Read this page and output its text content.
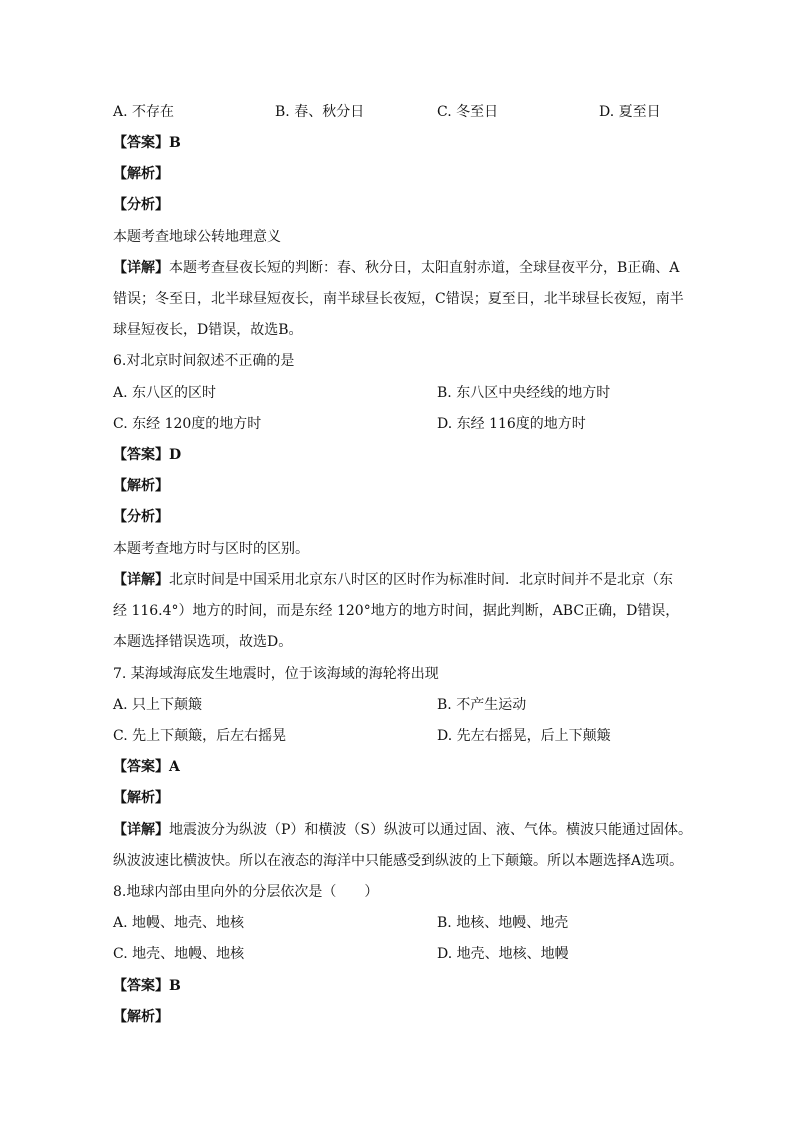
A. 不存在	B. 春、秋分日	C. 冬至日	D. 夏至日
【答案】B
【解析】
【分析】
本题考查地球公转地理意义
【详解】本题考查昼夜长短的判断：春、秋分日，太阳直射赤道，全球昼夜平分，B正确、A
错误；冬至日，北半球昼短夜长，南半球昼长夜短，C错误；夏至日，北半球昼长夜短，南半
球昼短夜长，D错误，故选B。
6.对北京时间叙述不正确的是
A. 东八区的区时	B. 东八区中央经线的地方时
C. 东经 120度的地方时	D. 东经 116度的地方时
【答案】D
【解析】
【分析】
本题考查地方时与区时的区别。
【详解】北京时间是中国采用北京东八时区的区时作为标准时间．北京时间并不是北京（东
经 116.4°）地方的时间，而是东经 120°地方的地方时间，据此判断，ABC正确，D错误，
本题选择错误选项，故选D。
7. 某海域海底发生地震时，位于该海域的海轮将出现
A. 只上下颠簸	B. 不产生运动
C. 先上下颠簸，后左右摇晃	D. 先左右摇晃，后上下颠簸
【答案】A
【解析】
【详解】地震波分为纵波（P）和横波（S）纵波可以通过固、液、气体。横波只能通过固体。
纵波波速比横波快。所以在液态的海洋中只能感受到纵波的上下颠簸。所以本题选择A选项。
8.地球内部由里向外的分层依次是（　　）
A. 地幔、地壳、地核	B. 地核、地幔、地壳
C. 地壳、地幔、地核	D. 地壳、地核、地幔
【答案】B
【解析】
